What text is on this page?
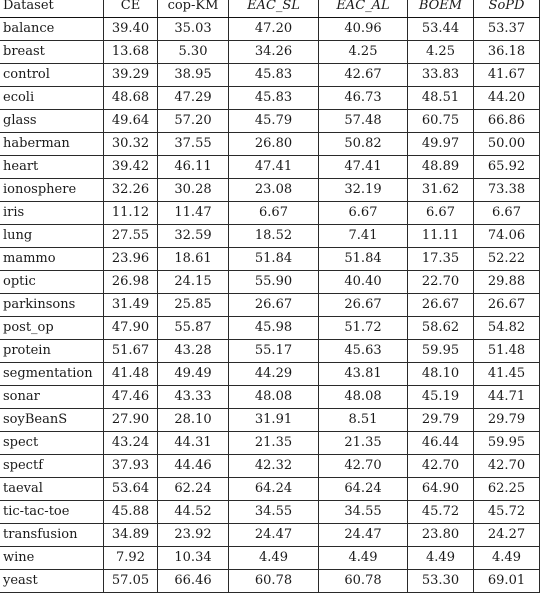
Dataset	CE	cop-KM	EAC_SL	EAC_AL	BOEM	SoPD
balance	39.40	35.03	47.20	40.96	53.44	53.37
breast	13.68	5.30	34.26	4.25	4.25	36.18
control	39.29	38.95	45.83	42.67	33.83	41.67
ecoli	48.68	47.29	45.83	46.73	48.51	44.20
glass	49.64	57.20	45.79	57.48	60.75	66.86
haberman	30.32	37.55	26.80	50.82	49.97	50.00
heart	39.42	46.11	47.41	47.41	48.89	65.92
ionosphere	32.26	30.28	23.08	32.19	31.62	73.38
iris	11.12	11.47	6.67	6.67	6.67	6.67
lung	27.55	32.59	18.52	7.41	11.11	74.06
mammo	23.96	18.61	51.84	51.84	17.35	52.22
optic	26.98	24.15	55.90	40.40	22.70	29.88
parkinsons	31.49	25.85	26.67	26.67	26.67	26.67
post_op	47.90	55.87	45.98	51.72	58.62	54.82
protein	51.67	43.28	55.17	45.63	59.95	51.48
segmentation	41.48	49.49	44.29	43.81	48.10	41.45
sonar	47.46	43.33	48.08	48.08	45.19	44.71
soyBeanS	27.90	28.10	31.91	8.51	29.79	29.79
spect	43.24	44.31	21.35	21.35	46.44	59.95
spectf	37.93	44.46	42.32	42.70	42.70	42.70
taeval	53.64	62.24	64.24	64.24	64.90	62.25
tic-tac-toe	45.88	44.52	34.55	34.55	45.72	45.72
transfusion	34.89	23.92	24.47	24.47	23.80	24.27
wine	7.92	10.34	4.49	4.49	4.49	4.49
yeast	57.05	66.46	60.78	60.78	53.30	69.01
